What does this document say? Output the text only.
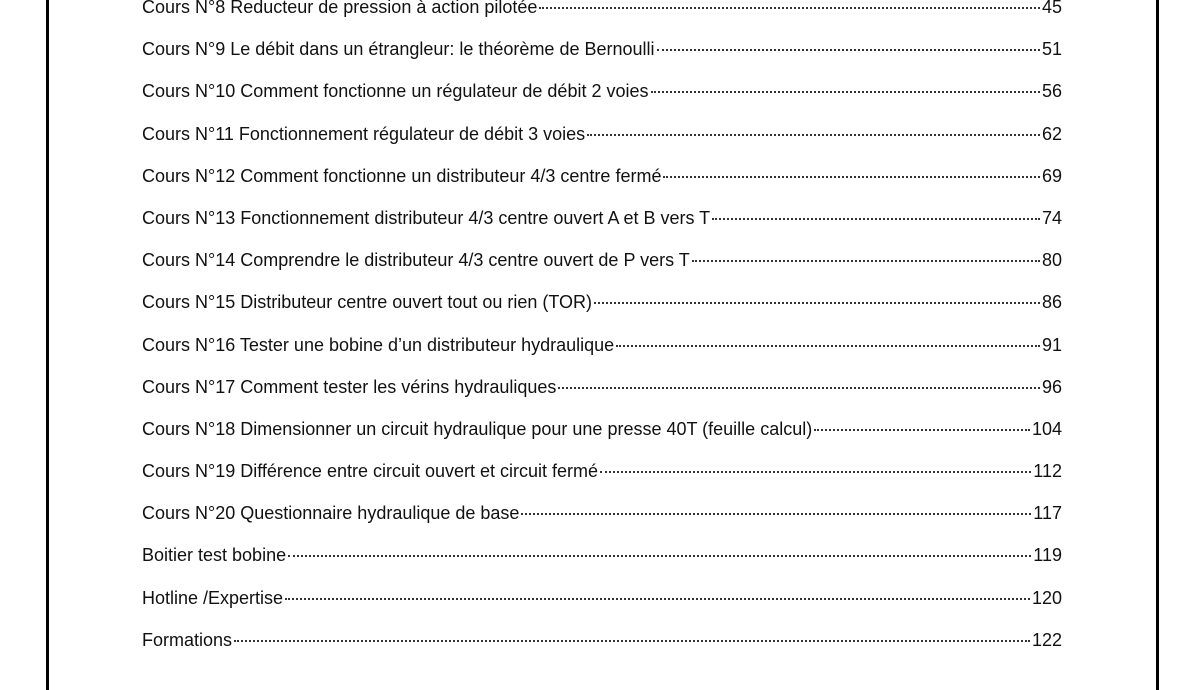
Cours N°8 Reducteur de pression à action pilotée	45
Cours N°9 Le débit dans un étrangleur: le théorème de Bernoulli	51
Cours N°10 Comment fonctionne un régulateur de débit 2 voies	56
Cours N°11 Fonctionnement régulateur de débit 3 voies	62
Cours N°12 Comment fonctionne un distributeur 4/3 centre fermé	69
Cours N°13 Fonctionnement distributeur 4/3 centre ouvert A et B vers T	74
Cours N°14 Comprendre le distributeur 4/3 centre ouvert de P vers T	80
Cours N°15 Distributeur centre ouvert tout ou rien (TOR)	86
Cours N°16 Tester une bobine d’un distributeur hydraulique	91
Cours N°17 Comment tester les vérins hydrauliques	96
Cours N°18 Dimensionner un circuit hydraulique pour une presse 40T (feuille calcul)	104
Cours N°19 Différence entre circuit ouvert et circuit fermé	112
Cours N°20 Questionnaire hydraulique de base	117
Boitier test bobine	119
Hotline /Expertise	120
Formations	122
